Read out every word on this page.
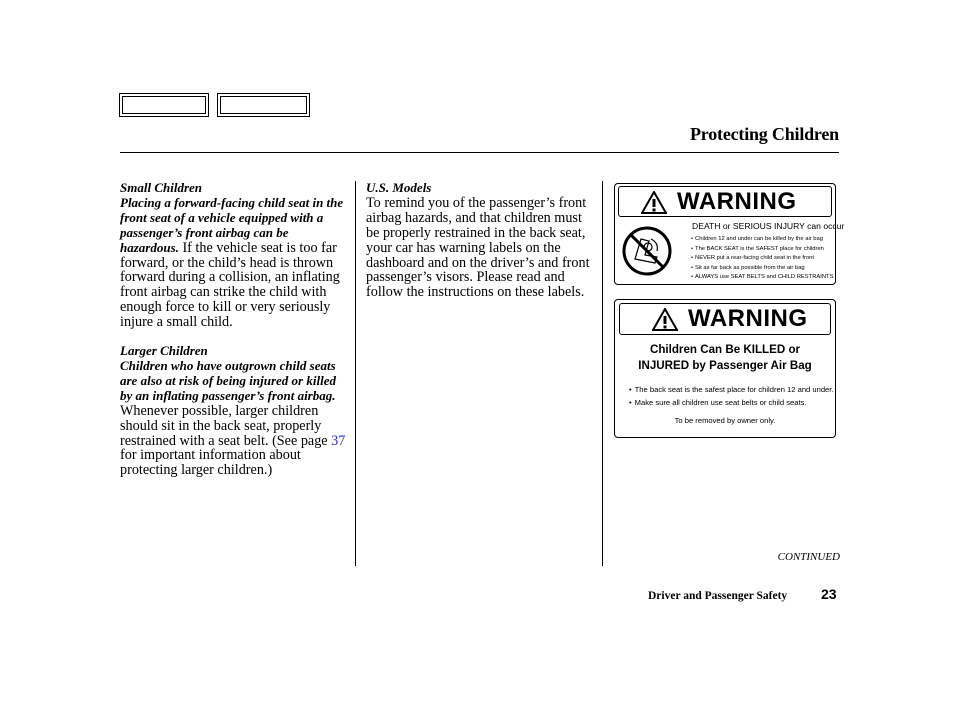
Protecting Children
Small Children
Placing a forward-facing child seat in the front seat of a vehicle equipped with a passenger’s front airbag can be hazardous. If the vehicle seat is too far forward, or the child’s head is thrown forward during a collision, an inflating front airbag can strike the child with enough force to kill or very seriously injure a small child.
Larger Children
Children who have outgrown child seats are also at risk of being injured or killed by an inflating passenger’s front airbag. Whenever possible, larger children should sit in the back seat, properly restrained with a seat belt. (See page 37 for important information about protecting larger children.)
U.S. Models
To remind you of the passenger’s front airbag hazards, and that children must be properly restrained in the back seat, your car has warning labels on the dashboard and on the driver’s and front passenger’s visors. Please read and follow the instructions on these labels.
WARNING
DEATH or SERIOUS INJURY can occur
• Children 12 and under can be killed by the air bag
• The BACK SEAT is the SAFEST place for children
• NEVER put a rear-facing child seat in the front
• Sit as far back as possible from the air bag
• ALWAYS use SEAT BELTS and CHILD RESTRAINTS
WARNING
Children Can Be KILLED or
INJURED by Passenger Air Bag
• The back seat is the safest place for children 12 and under.
• Make sure all children use seat belts or child seats.
To be removed by owner only.
CONTINUED
Driver and Passenger Safety 23
